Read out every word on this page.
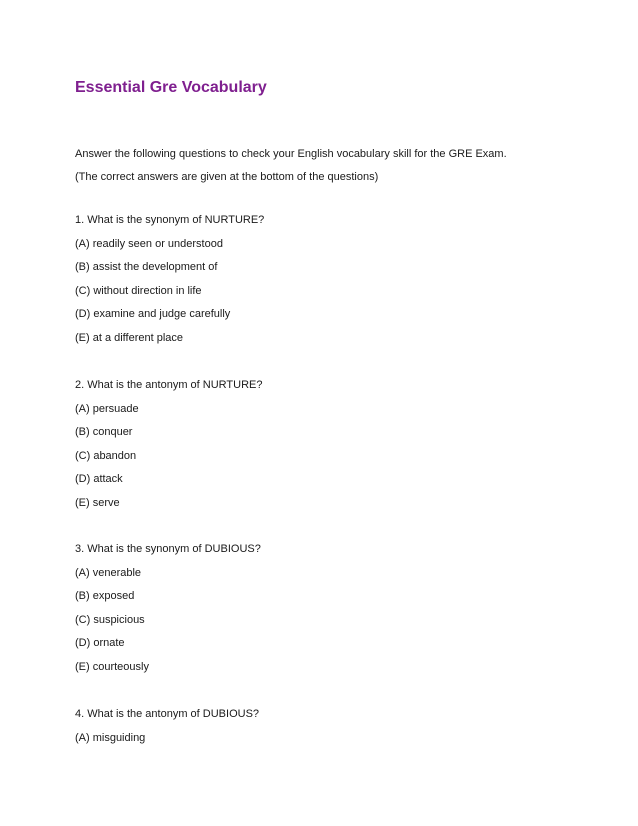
Essential Gre Vocabulary
Answer the following questions to check your English vocabulary skill for the GRE Exam.
(The correct answers are given at the bottom of the questions)
1. What is the synonym of NURTURE?
(A) readily seen or understood
(B) assist the development of
(C) without direction in life
(D) examine and judge carefully
(E) at a different place
2. What is the antonym of NURTURE?
(A) persuade
(B) conquer
(C) abandon
(D) attack
(E) serve
3. What is the synonym of DUBIOUS?
(A) venerable
(B) exposed
(C) suspicious
(D) ornate
(E) courteously
4. What is the antonym of DUBIOUS?
(A) misguiding
